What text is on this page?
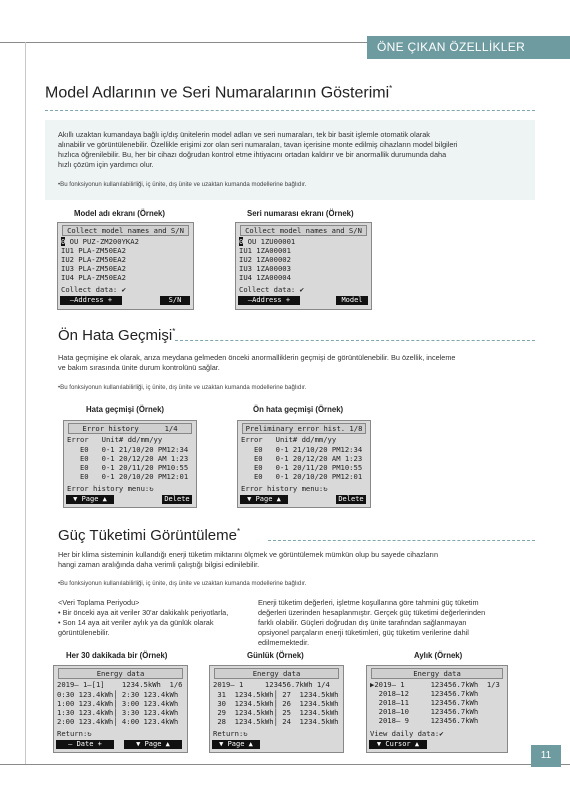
ÖNE ÇIKAN ÖZELLİKLER
11
Model Adlarının ve Seri Numaralarının Gösterimi*

Akıllı uzaktan kumandaya bağlı iç/dış ünitelerin model adları ve seri numaraları, tek bir basit işlemle otomatik olarak

alınabilir ve görüntülenebilir. Özellikle erişimi zor olan seri numaraları, tavan içerisine monte edilmiş cihazların model bilgileri

hızlıca öğrenilebilir. Bu, her bir cihazı doğrudan kontrol etme ihtiyacını ortadan kaldırır ve bir anormallik durumunda daha

hızlı çözüm için yardımcı olur.

•Bu fonksiyonun kullanılabilirliği, iç ünite, dış ünite ve uzaktan kumanda modellerine bağlıdır.

Model adı ekranı (Örnek)
Collect model names and S/N
0 OU PUZ-ZM200YKA2
IU1 PLA-ZM50EA2
IU2 PLA-ZM50EA2
IU3 PLA-ZM50EA2
IU4 PLA-ZM50EA2
Collect data: ✔
—Address +	S/N
Seri numarası ekranı (Örnek)
Collect model names and S/N
0 OU 1ZU00001
IU1 1ZA00001
IU2 1ZA00002
IU3 1ZA00003
IU4 1ZA00004
Collect data: ✔
—Address +	Model
Ön Hata Geçmişi*

Hata geçmişine ek olarak, arıza meydana gelmeden önceki anormalliklerin geçmişi de görüntülenebilir. Bu özellik, inceleme

ve bakım sırasında ünite durum kontrolünü sağlar.

•Bu fonksiyonun kullanılabilirliği, iç ünite, dış ünite ve uzaktan kumanda modellerine bağlıdır.

Hata geçmişi (Örnek)
Error history      1/4
Error   Unit# dd/mm/yy
E0   0-1 21/10/20 PM12:34
E0   0-1 20/12/20 AM 1:23
E0   0-1 20/11/20 PM10:55
E0   0-1 20/10/20 PM12:01
Error history menu:↻
▼ Page ▲	Delete
Ön hata geçmişi (Örnek)
Preliminary error hist. 1/8
Error   Unit# dd/mm/yy
E0   0-1 21/10/20 PM12:34
E0   0-1 20/12/20 AM 1:23
E0   0-1 20/11/20 PM10:55
E0   0-1 20/10/20 PM12:01
Error history menu:↻
▼ Page ▲	Delete
Güç Tüketimi Görüntüleme*

Her bir klima sisteminin kullandığı enerji tüketim miktarını ölçmek ve görüntülemek mümkün olup bu sayede cihazların

hangi zaman aralığında daha verimli çalıştığı bilgisi edinilebilir.

•Bu fonksiyonun kullanılabilirliği, iç ünite, dış ünite ve uzaktan kumanda modellerine bağlıdır.

<Veri Toplama Periyodu>

• Bir önceki aya ait veriler 30'ar dakikalık periyotlarla,

• Son 14 aya ait veriler aylık ya da günlük olarak

görüntülenebilir.

Enerji tüketim değerleri, işletme koşullarına göre tahmini güç tüketim

değerleri üzerinden hesaplanmıştır. Gerçek güç tüketimi değerlerinden

farklı olabilir. Güçleri doğrudan dış ünite tarafından sağlanmayan

opsiyonel parçaların enerji tüketimleri, güç tüketim verilerine dahil

edilmemektedir.

Her 30 dakikada bir (Örnek)
Energy data
2019— 1—[1]    1234.5kWh  1/6
0:30 123.4kWh│ 2:30 123.4kWh
1:00 123.4kWh│ 3:00 123.4kWh
1:30 123.4kWh│ 3:30 123.4kWh
2:00 123.4kWh│ 4:00 123.4kWh
Return:↻
— Date +	▼ Page ▲
Günlük (Örnek)
Energy data
2019— 1     123456.7kWh 1/4
31  1234.5kWh│ 27  1234.5kWh
30  1234.5kWh│ 26  1234.5kWh
29  1234.5kWh│ 25  1234.5kWh
28  1234.5kWh│ 24  1234.5kWh
Return:↻
▼ Page ▲
Aylık (Örnek)
Energy data
▶2019— 1      123456.7kWh  1/3
2018—12     123456.7kWh
2018—11     123456.7kWh
2018—10     123456.7kWh
2018— 9     123456.7kWh
View daily data:✔
▼ Cursor ▲
